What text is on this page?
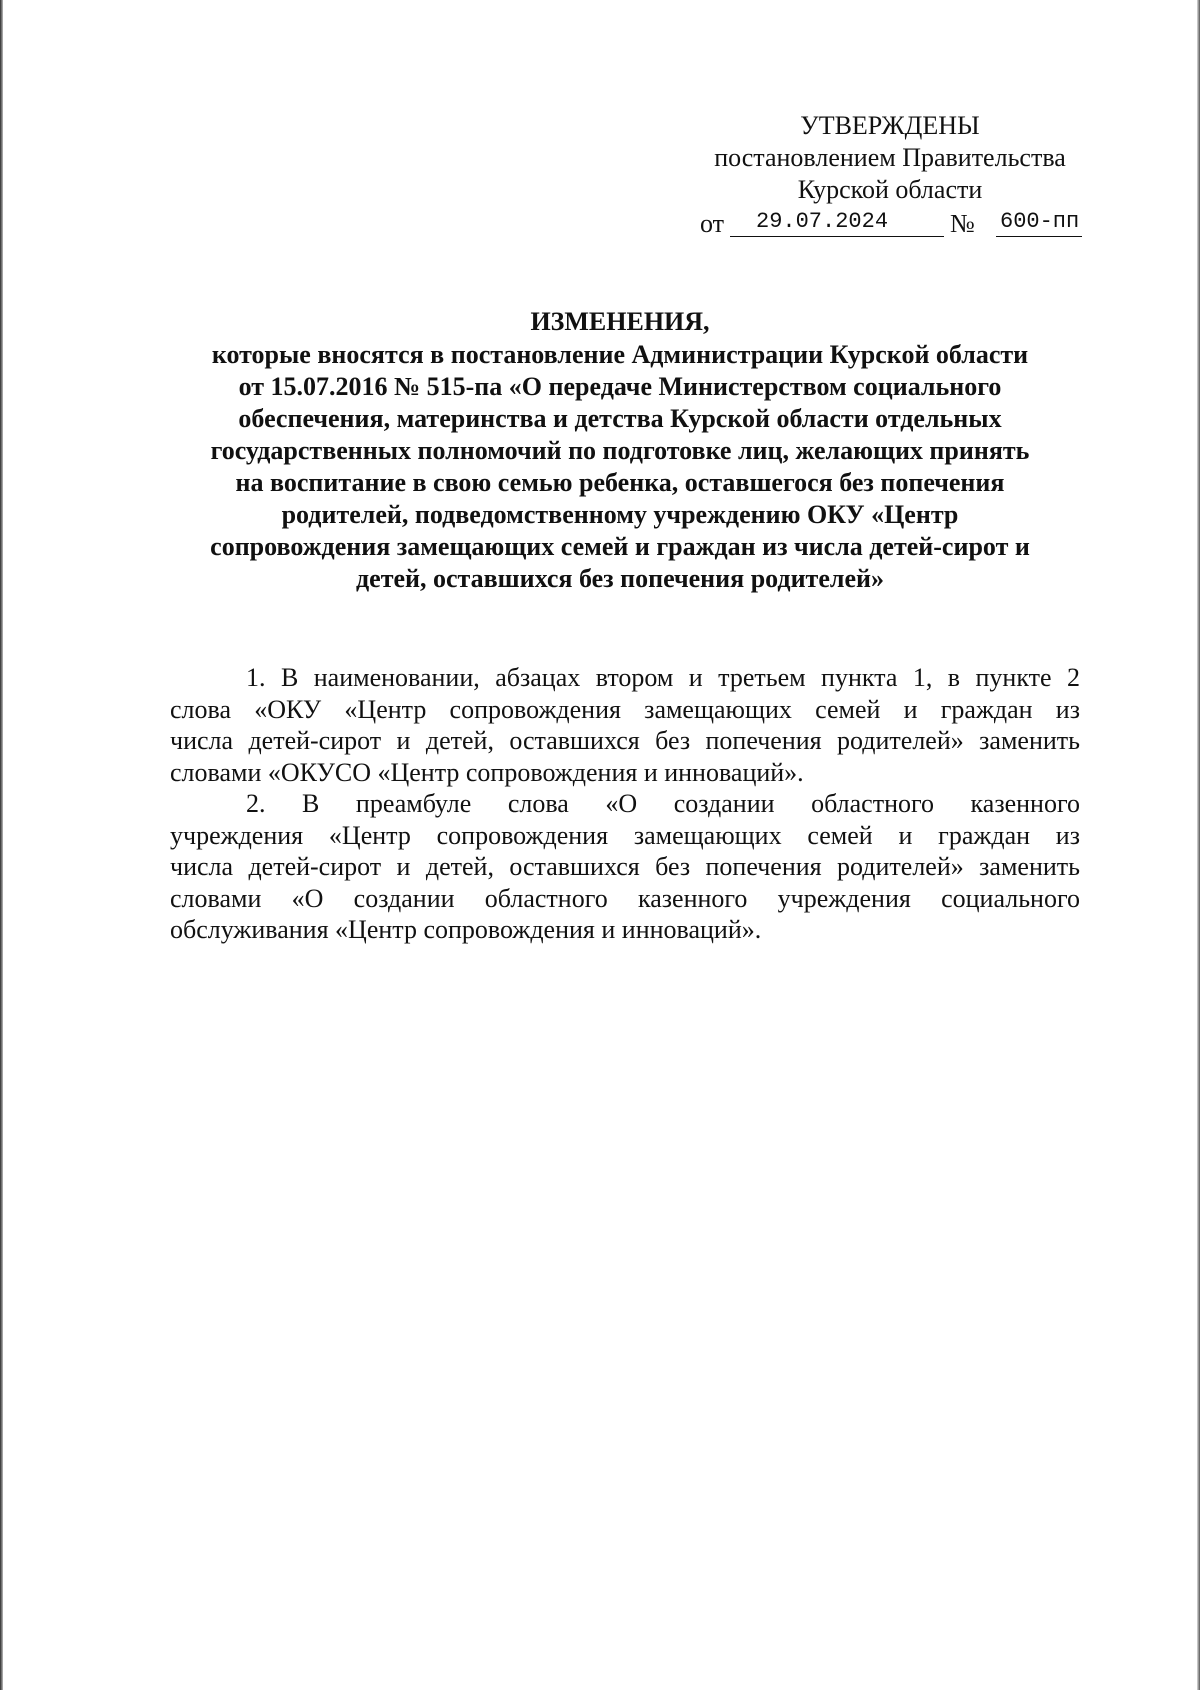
УТВЕРЖДЕНЫ
постановлением Правительства
Курской области
от	29.07.2024	№ 600-пп
ИЗМЕНЕНИЯ,
которые вносятся в постановление Администрации Курской области
от 15.07.2016 № 515-па «О передаче Министерством социального
обеспечения, материнства и детства Курской области отдельных
государственных полномочий по подготовке лиц, желающих принять
на воспитание в свою семью ребенка, оставшегося без попечения
родителей, подведомственному учреждению ОКУ «Центр
сопровождения замещающих семей и граждан из числа детей-сирот и
детей, оставшихся без попечения родителей»
1. В наименовании, абзацах втором и третьем пункта 1, в пункте 2
слова «ОКУ «Центр сопровождения замещающих семей и граждан из
числа детей-сирот и детей, оставшихся без попечения родителей» заменить
словами «ОКУСО «Центр сопровождения и инноваций».
2. В преамбуле слова «О создании областного казенного
учреждения «Центр сопровождения замещающих семей и граждан из
числа детей-сирот и детей, оставшихся без попечения родителей» заменить
словами «О создании областного казенного учреждения социального
обслуживания «Центр сопровождения и инноваций».
